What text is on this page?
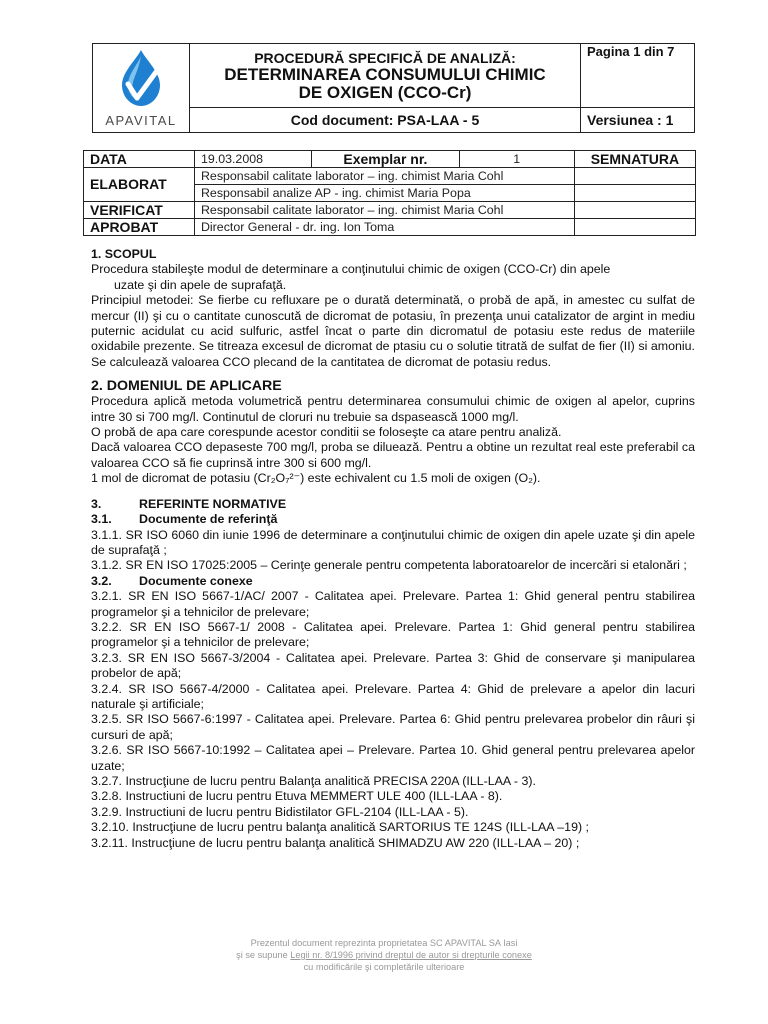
APAVITAL	PROCEDURĂ SPECIFICĂ DE ANALIZĂ:
DETERMINAREA CONSUMULUI CHIMIC
DE OXIGEN (CCO-Cr)	Pagina 1 din 7
	Cod document: PSA-LAA - 5	Versiunea : 1
DATA	19.03.2008	Exemplar nr.	1	SEMNATURA
ELABORAT	Responsabil calitate laborator – ing. chimist Maria Cohl			
	Responsabil analize AP - ing. chimist Maria Popa			
VERIFICAT	Responsabil calitate laborator – ing. chimist Maria Cohl			
APROBAT	Director General - dr. ing. Ion Toma			

1. SCOPUL

Procedura stabileşte modul de determinare a conţinutului chimic de oxigen (CCO-Cr) din apele

uzate şi din apele de suprafaţă.

Principiul metodei: Se fierbe cu refluxare pe o durată determinată, o probă de apă, in amestec cu sulfat de mercur (II) şi cu o cantitate cunoscută de dicromat de potasiu, în prezenţa unui catalizator de argint in mediu puternic acidulat cu acid sulfuric, astfel încat o parte din dicromatul de potasiu este redus de materiile oxidabile prezente. Se titreaza excesul de dicromat de ptasiu cu o solutie titrată de sulfat de fier (II) si amoniu. Se calculează valoarea CCO plecand de la cantitatea de dicromat de potasiu redus.

2. DOMENIUL DE APLICARE

Procedura aplică metoda volumetrică pentru determinarea consumului chimic de oxigen al apelor, cuprins intre 30 si 700 mg/l. Continutul de cloruri nu trebuie sa dspasească 1000 mg/l.

O probă de apa care corespunde acestor conditii se foloseşte ca atare pentru analiză.

Dacă valoarea CCO depaseste 700 mg/l, proba se diluează. Pentru a obtine un rezultat real este preferabil ca valoarea CCO să fie cuprinsă intre 300 si 600 mg/l.

1 mol de dicromat de potasiu (Cr₂O₇²⁻) este echivalent cu 1.5 moli de oxigen (O₂).

3.	REFERINTE NORMATIVE

3.1. Documente de referinţă

3.1.1. SR ISO 6060 din iunie 1996 de determinare a conţinutului chimic de oxigen din apele uzate şi din apele de suprafaţă ;

3.1.2. SR EN ISO 17025:2005 – Cerinţe generale pentru competenta laboratoarelor de incercări si etalonări ;

3.2. Documente conexe

3.2.1. SR EN ISO 5667-1/AC/ 2007 - Calitatea apei. Prelevare. Partea 1: Ghid general pentru stabilirea programelor şi a tehnicilor de prelevare;

3.2.2. SR EN ISO 5667-1/ 2008 - Calitatea apei. Prelevare. Partea 1: Ghid general pentru stabilirea programelor şi a tehnicilor de prelevare;

3.2.3. SR EN ISO 5667-3/2004 - Calitatea apei. Prelevare. Partea 3: Ghid de conservare şi manipularea probelor de apă;

3.2.4. SR ISO 5667-4/2000 - Calitatea apei. Prelevare. Partea 4: Ghid de prelevare a apelor din lacuri naturale şi artificiale;

3.2.5. SR ISO 5667-6:1997 - Calitatea apei. Prelevare. Partea 6: Ghid pentru prelevarea probelor din râuri şi cursuri de apă;

3.2.6. SR ISO 5667-10:1992 – Calitatea apei – Prelevare. Partea 10. Ghid general pentru prelevarea apelor uzate;

3.2.7. Instrucţiune de lucru pentru Balanţa analitică PRECISA 220A (ILL-LAA - 3).

3.2.8. Instructiuni de lucru pentru Etuva MEMMERT ULE 400 (ILL-LAA - 8).

3.2.9. Instructiuni de lucru pentru Bidistilator GFL-2104 (ILL-LAA - 5).

3.2.10. Instrucţiune de lucru pentru balanţa analitică SARTORIUS TE 124S (ILL-LAA –19) ;

3.2.11. Instrucţiune de lucru pentru balanţa analitică SHIMADZU AW 220 (ILL-LAA – 20) ;

Prezentul document reprezinta proprietatea SC APAVITAL SA Iasi
şi se supune Legii nr. 8/1996 privind dreptul de autor si drepturile conexe
cu modificările şi completările ulterioare
